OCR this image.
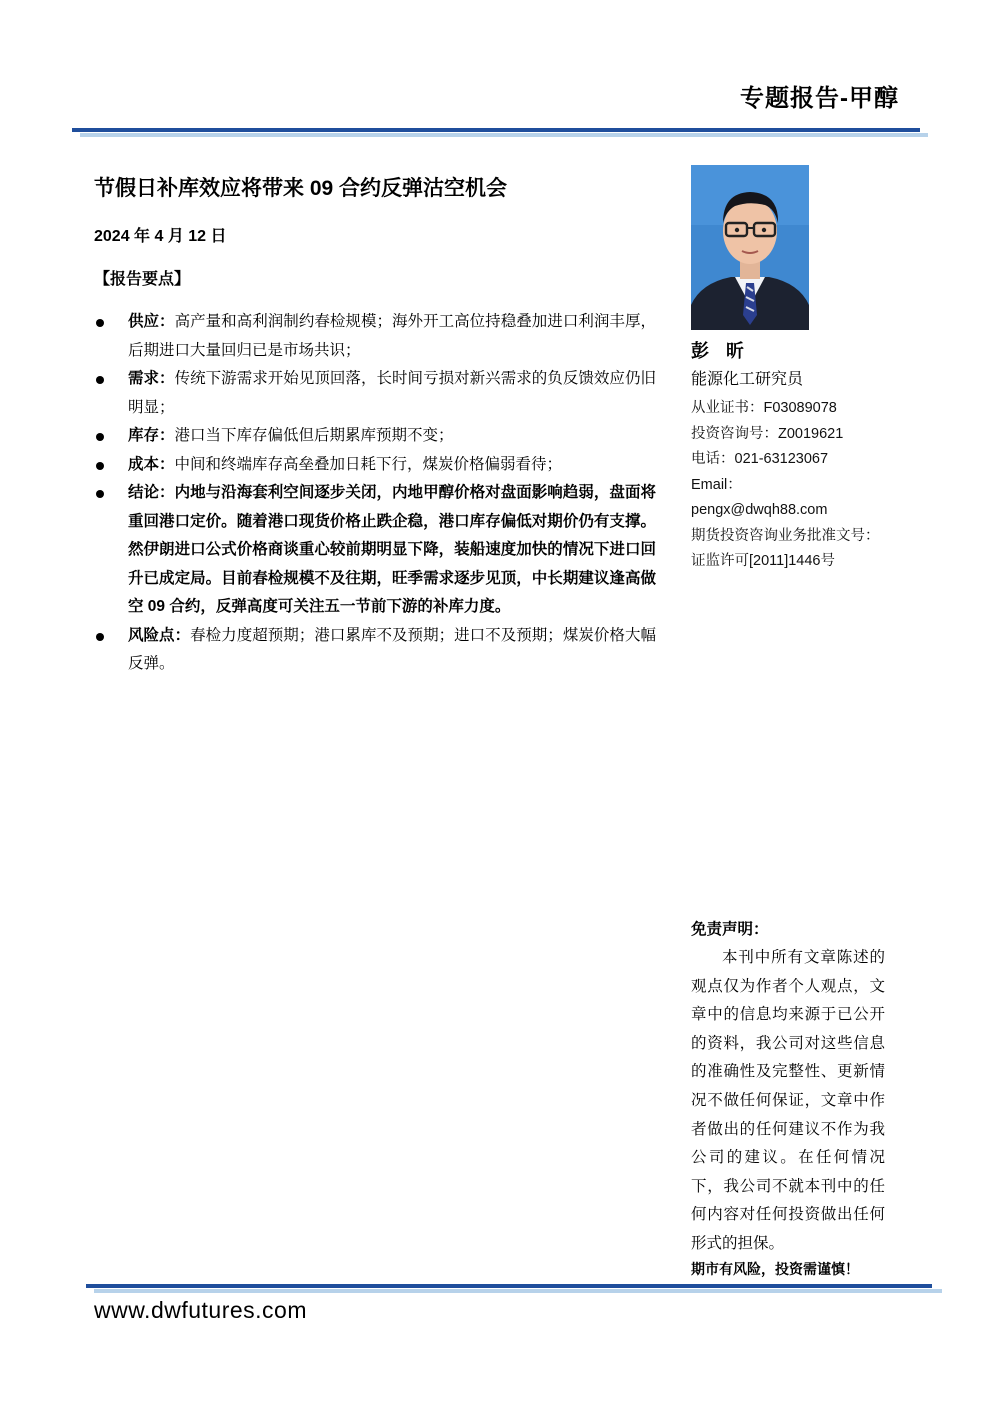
专题报告-甲醇
节假日补库效应将带来 09 合约反弹沽空机会
2024 年 4 月 12 日
【报告要点】
供应：高产量和高利润制约春检规模；海外开工高位持稳叠加进口利润丰厚，后期进口大量回归已是市场共识；
需求：传统下游需求开始见顶回落，长时间亏损对新兴需求的负反馈效应仍旧明显；
库存：港口当下库存偏低但后期累库预期不变；
成本：中间和终端库存高垒叠加日耗下行，煤炭价格偏弱看待；
结论：内地与沿海套利空间逐步关闭，内地甲醇价格对盘面影响趋弱，盘面将重回港口定价。随着港口现货价格止跌企稳，港口库存偏低对期价仍有支撑。然伊朗进口公式价格商谈重心较前期明显下降，装船速度加快的情况下进口回升已成定局。目前春检规模不及往期，旺季需求逐步见顶，中长期建议逢高做空 09 合约，反弹高度可关注五一节前下游的补库力度。
风险点：春检力度超预期；港口累库不及预期；进口不及预期；煤炭价格大幅反弹。
彭 昕
能源化工研究员
从业证书：F03089078
投资咨询号：Z0019621
电话：021-63123067
Email：
pengx@dwqh88.com
期货投资咨询业务批准文号：证监许可[2011]1446号
免责声明：
本刊中所有文章陈述的观点仅为作者个人观点，文章中的信息均来源于已公开的资料，我公司对这些信息的准确性及完整性、更新情况不做任何保证，文章中作者做出的任何建议不作为我公司的建议。在任何情况下，我公司不就本刊中的任何内容对任何投资做出任何形式的担保。
期市有风险，投资需谨慎！
www.dwfutures.com
